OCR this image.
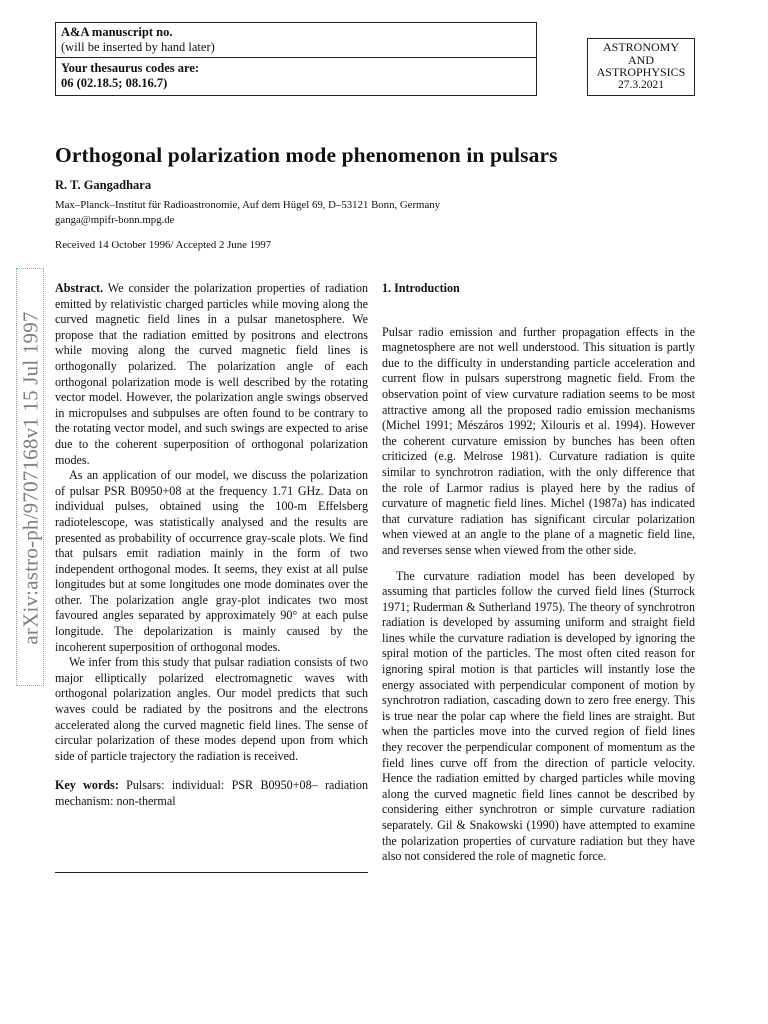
A&A manuscript no.
(will be inserted by hand later)
Your thesaurus codes are:
06 (02.18.5; 08.16.7)
ASTRONOMY
AND
ASTROPHYSICS
27.3.2021
Orthogonal polarization mode phenomenon in pulsars
R. T. Gangadhara
Max–Planck–Institut für Radioastronomie, Auf dem Hügel 69, D–53121 Bonn, Germany
ganga@mpifr-bonn.mpg.de
Received 14 October 1996/ Accepted 2 June 1997
arXiv:astro-ph/9707168v1 15 Jul 1997

Abstract. We consider the polarization properties of radiation emitted by relativistic charged particles while moving along the curved magnetic field lines in a pulsar manetosphere. We propose that the radiation emitted by positrons and electrons while moving along the curved magnetic field lines is orthogonally polarized. The polarization angle of each orthogonal polarization mode is well described by the rotating vector model. However, the polarization angle swings observed in micropulses and subpulses are often found to be contrary to the rotating vector model, and such swings are expected to arise due to the coherent superposition of orthogonal polarization modes.

As an application of our model, we discuss the polarization of pulsar PSR B0950+08 at the frequency 1.71 GHz. Data on individual pulses, obtained using the 100-m Effelsberg radiotelescope, was statistically analysed and the results are presented as probability of occurrence gray-scale plots. We find that pulsars emit radiation mainly in the form of two independent orthogonal modes. It seems, they exist at all pulse longitudes but at some longitudes one mode dominates over the other. The polarization angle gray-plot indicates two most favoured angles separated by approximately 90° at each pulse longitude. The depolarization is mainly caused by the incoherent superposition of orthogonal modes.

We infer from this study that pulsar radiation consists of two major elliptically polarized electromagnetic waves with orthogonal polarization angles. Our model predicts that such waves could be radiated by the positrons and the electrons accelerated along the curved magnetic field lines. The sense of circular polarization of these modes depend upon from which side of particle trajectory the radiation is received.

Key words: Pulsars: individual: PSR B0950+08– radiation mechanism: non-thermal

1. Introduction

Pulsar radio emission and further propagation effects in the magnetosphere are not well understood. This situation is partly due to the difficulty in understanding particle acceleration and current flow in pulsars superstrong magnetic field. From the observation point of view curvature radiation seems to be most attractive among all the proposed radio emission mechanisms (Michel 1991; Mészáros 1992; Xilouris et al. 1994). However the coherent curvature emission by bunches has been often criticized (e.g. Melrose 1981). Curvature radiation is quite similar to synchrotron radiation, with the only difference that the role of Larmor radius is played here by the radius of curvature of magnetic field lines. Michel (1987a) has indicated that curvature radiation has significant circular polarization when viewed at an angle to the plane of a magnetic field line, and reverses sense when viewed from the other side.

The curvature radiation model has been developed by assuming that particles follow the curved field lines (Sturrock 1971; Ruderman & Sutherland 1975). The theory of synchrotron radiation is developed by assuming uniform and straight field lines while the curvature radiation is developed by ignoring the spiral motion of the particles. The most often cited reason for ignoring spiral motion is that particles will instantly lose the energy associated with perpendicular component of motion by synchrotron radiation, cascading down to zero free energy. This is true near the polar cap where the field lines are straight. But when the particles move into the curved region of field lines they recover the perpendicular component of momentum as the field lines curve off from the direction of particle velocity. Hence the radiation emitted by charged particles while moving along the curved magnetic field lines cannot be described by considering either synchrotron or simple curvature radiation separately. Gil & Snakowski (1990) have attempted to examine the polarization properties of curvature radiation but they have also not considered the role of magnetic force.
